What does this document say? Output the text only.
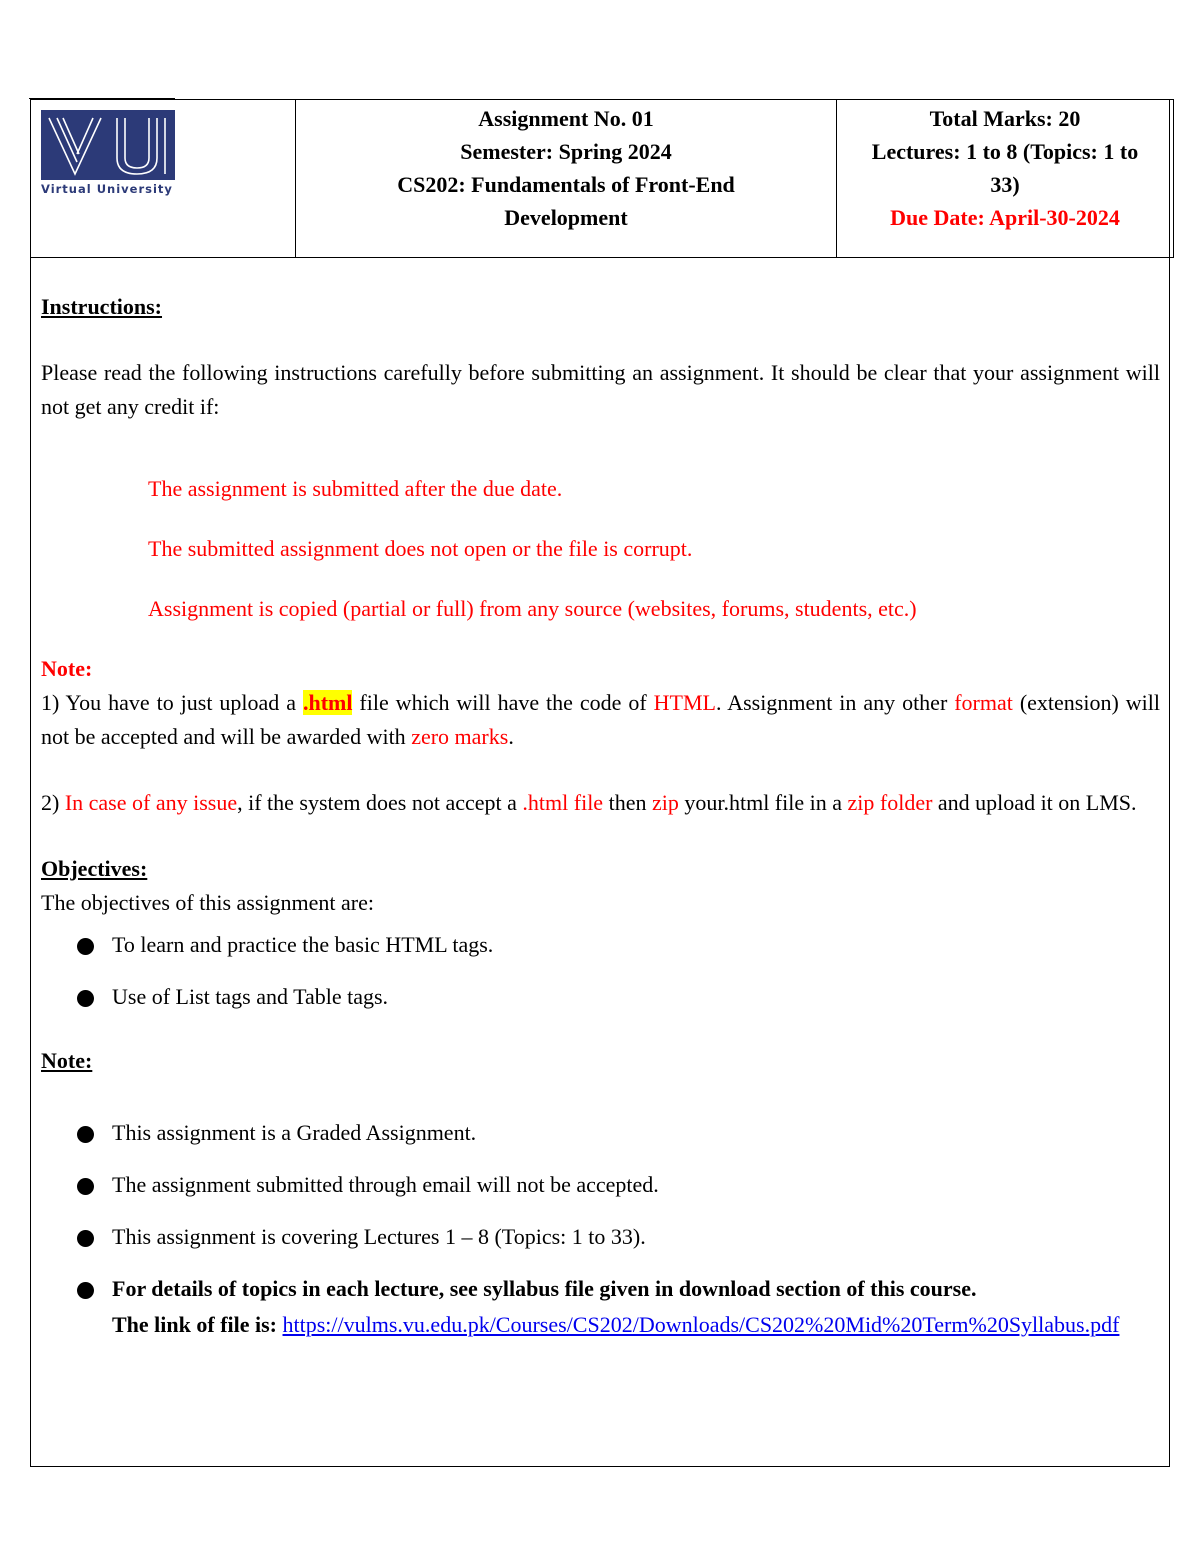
VU
Virtual University

Assignment No. 01
Semester: Spring 2024
CS202: Fundamentals of Front-End
Development

Total Marks: 20
Lectures: 1 to 8 (Topics: 1 to
33)
Due Date: April-30-2024

Instructions:

Please read the following instructions carefully before submitting an assignment. It should be clear that your assignment will not get any credit if:

The assignment is submitted after the due date.

The submitted assignment does not open or the file is corrupt.

Assignment is copied (partial or full) from any source (websites, forums, students, etc.)

Note:

1) You have to just upload a .html file which will have the code of HTML. Assignment in any other format (extension) will not be accepted and will be awarded with zero marks.

2) In case of any issue, if the system does not accept a .html file then zip your.html file in a zip folder and upload it on LMS.

Objectives:

The objectives of this assignment are:

To learn and practice the basic HTML tags.
Use of List tags and Table tags.

Note:

This assignment is a Graded Assignment.
The assignment submitted through email will not be accepted.
This assignment is covering Lectures 1 – 8 (Topics: 1 to 33).
For details of topics in each lecture, see syllabus file given in download section of this course.
The link of file is: https://vulms.vu.edu.pk/Courses/CS202/Downloads/CS202%20Mid%20Term%20Syllabus.pdf
